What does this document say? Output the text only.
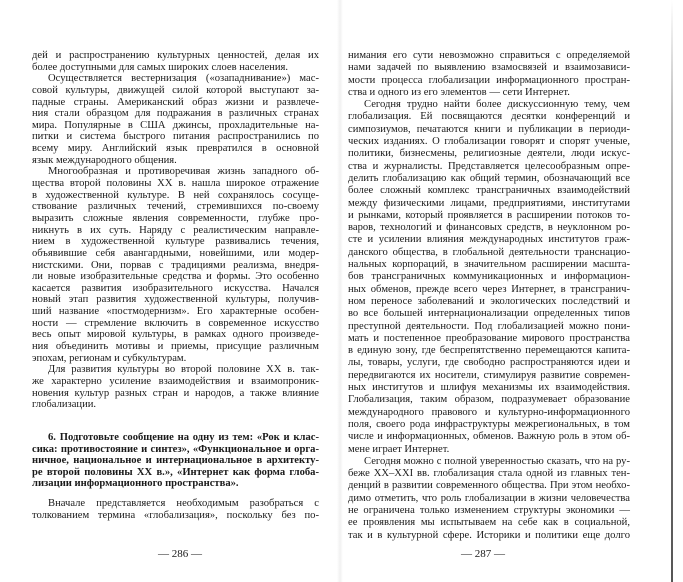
дей и распространению культурных ценностей, делая их
более доступными для самых широких слоев населения.
Осуществляется вестернизация («озападнивание») мас-
совой культуры, движущей силой которой выступают за-
падные страны. Американский образ жизни и развлече-
ния стали образцом для подражания в различных странах
мира. Популярные в США джинсы, прохладительные на-
питки и система быстрого питания распространились по
всему миру. Английский язык превратился в основной
язык международного общения.
Многообразная и противоречивая жизнь западного об-
щества второй половины XX в. нашла широкое отражение
в художественной культуре. В ней сохранялось сосуще-
ствование различных течений, стремившихся по-своему
выразить сложные явления современности, глубже про-
никнуть в их суть. Наряду с реалистическим направле-
нием в художественной культуре развивались течения,
объявившие себя авангардными, новейшими, или модер-
нистскими. Они, порвав с традициями реализма, внедря-
ли новые изобразительные средства и формы. Это особенно
касается развития изобразительного искусства. Начался
новый этап развития художественной культуры, получив-
ший название «постмодернизм». Его характерные особен-
ности — стремление включить в современное искусство
весь опыт мировой культуры, в рамках одного произведе-
ния объединить мотивы и приемы, присущие различным
эпохам, регионам и субкультурам.
Для развития культуры во второй половине XX в. так-
же характерно усиление взаимодействия и взаимопроник-
новения культур разных стран и народов, а также влияние
глобализации.
6. Подготовьте сообщение на одну из тем: «Рок и клас-
сика: противостояние и синтез», «Функциональное и орга-
ничное, национальное и интернациональное в архитекту-
ре второй половины XX в.», «Интернет как форма глоба-
лизации информационного пространства».
Вначале представляется необходимым разобраться с
толкованием термина «глобализация», поскольку без по-
— 286 —
нимания его сути невозможно справиться с определяемой
нами задачей по выявлению взамосвязей и взаимозависи-
мости процесса глобализации информационного простран-
ства и одного из его элементов — сети Интернет.
Сегодня трудно найти более дискуссионную тему, чем
глобализация. Ей посвящаются десятки конференций и
симпозиумов, печатаются книги и публикации в периоди-
ческих изданиях. О глобализации говорят и спорят ученые,
политики, бизнесмены, религиозные деятели, люди искус-
ства и журналисты. Представляется целесообразным опре-
делить глобализацию как общий термин, обозначающий все
более сложный комплекс трансграничных взаимодействий
между физическими лицами, предприятиями, институтами
и рынками, который проявляется в расширении потоков то-
варов, технологий и финансовых средств, в неуклонном ро-
сте и усилении влияния международных институтов граж-
данского общества, в глобальной деятельности транснацио-
нальных корпораций, в значительном расширении масшта-
бов трансграничных коммуникационных и информацион-
ных обменов, прежде всего через Интернет, в трансгранич-
ном переносе заболеваний и экологических последствий и
во все большей интернационализации определенных типов
преступной деятельности. Под глобализацией можно пони-
мать и постепенное преобразование мирового пространства
в единую зону, где беспрепятственно перемещаются капита-
лы, товары, услуги, где свободно распространяются идеи и
передвигаются их носители, стимулируя развитие современ-
ных институтов и шлифуя механизмы их взаимодействия.
Глобализация, таким образом, подразумевает образование
международного правового и культурно-информационного
поля, своего рода инфраструктуры межрегиональных, в том
числе и информационных, обменов. Важную роль в этом об-
мене играет Интернет.
Сегодня можно с полной уверенностью сказать, что на ру-
беже XX–XXI вв. глобализация стала одной из главных тен-
денций в развитии современного общества. При этом необхо-
димо отметить, что роль глобализации в жизни человечества
не ограничена только изменением структуры экономики —
ее проявления мы испытываем на себе как в социальной,
так и в культурной сфере. Историки и политики еще долго
— 287 —
